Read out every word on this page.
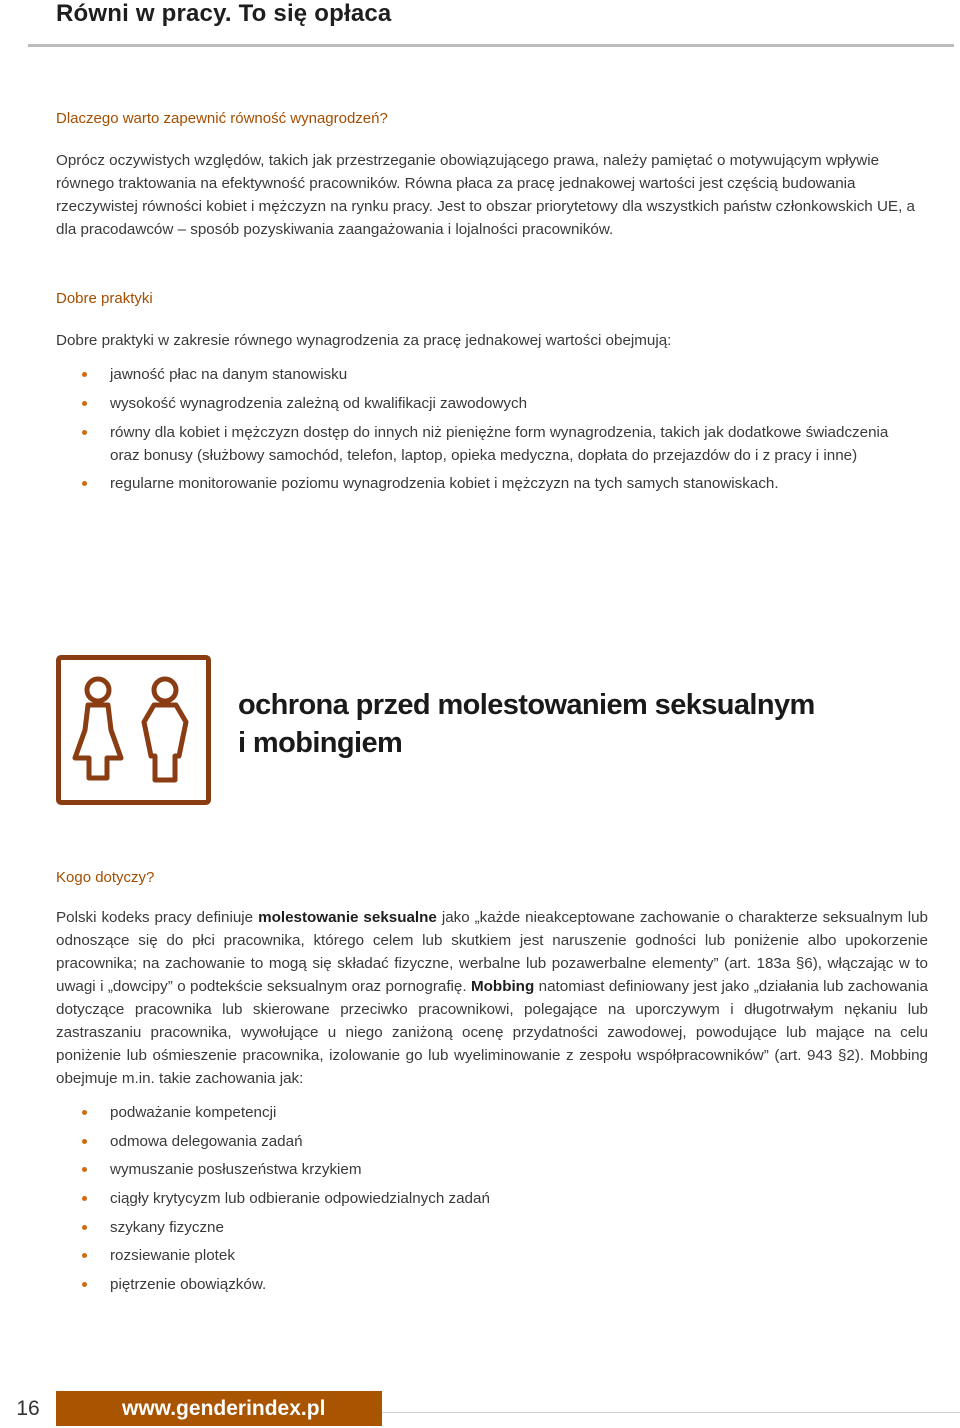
Równi w pracy. To się opłaca
Dlaczego warto zapewnić równość wynagrodzeń?

Oprócz oczywistych względów, takich jak przestrzeganie obowiązującego prawa, należy pamiętać o motywującym wpływie równego traktowania na efektywność pracowników. Równa płaca za pracę jednakowej wartości jest częścią budowania rzeczywistej równości kobiet i mężczyzn na rynku pracy. Jest to obszar priorytetowy dla wszystkich państw członkowskich UE, a dla pracodawców – sposób pozyskiwania zaangażowania i lojalności pracowników.

Dobre praktyki

Dobre praktyki w zakresie równego wynagrodzenia za pracę jednakowej wartości obejmują:

jawność płac na danym stanowisku
wysokość wynagrodzenia zależną od kwalifikacji zawodowych
równy dla kobiet i mężczyzn dostęp do innych niż pieniężne form wynagrodzenia, takich jak dodatkowe świadczenia oraz bonusy (służbowy samochód, telefon, laptop, opieka medyczna, dopłata do przejazdów do i z pracy i inne)
regularne monitorowanie poziomu wynagrodzenia kobiet i mężczyzn na tych samych stanowiskach.
ochrona przed molestowaniem seksualnym
i mobingiem
Kogo dotyczy?

Polski kodeks pracy definiuje molestowanie seksualne jako „każde nieakceptowane zachowanie o charakterze seksualnym lub odnoszące się do płci pracownika, którego celem lub skutkiem jest naruszenie godności lub poniżenie albo upokorzenie pracownika; na zachowanie to mogą się składać fizyczne, werbalne lub pozawerbalne elementy” (art. 183a §6), włączając w to uwagi i „dowcipy” o podtekście seksualnym oraz pornografię. Mobbing natomiast definiowany jest jako „działania lub zachowania dotyczące pracownika lub skierowane przeciwko pracownikowi, polegające na uporczywym i długotrwałym nękaniu lub zastraszaniu pracownika, wywołujące u niego zaniżoną ocenę przydatności zawodowej, powodujące lub mające na celu poniżenie lub ośmieszenie pracownika, izolowanie go lub wyeliminowanie z zespołu współpracowników” (art. 943 §2). Mobbing obejmuje m.in. takie zachowania jak:

podważanie kompetencji
odmowa delegowania zadań
wymuszanie posłuszeństwa krzykiem
ciągły krytycyzm lub odbieranie odpowiedzialnych zadań
szykany fizyczne
rozsiewanie plotek
piętrzenie obowiązków.
16	www.genderindex.pl
